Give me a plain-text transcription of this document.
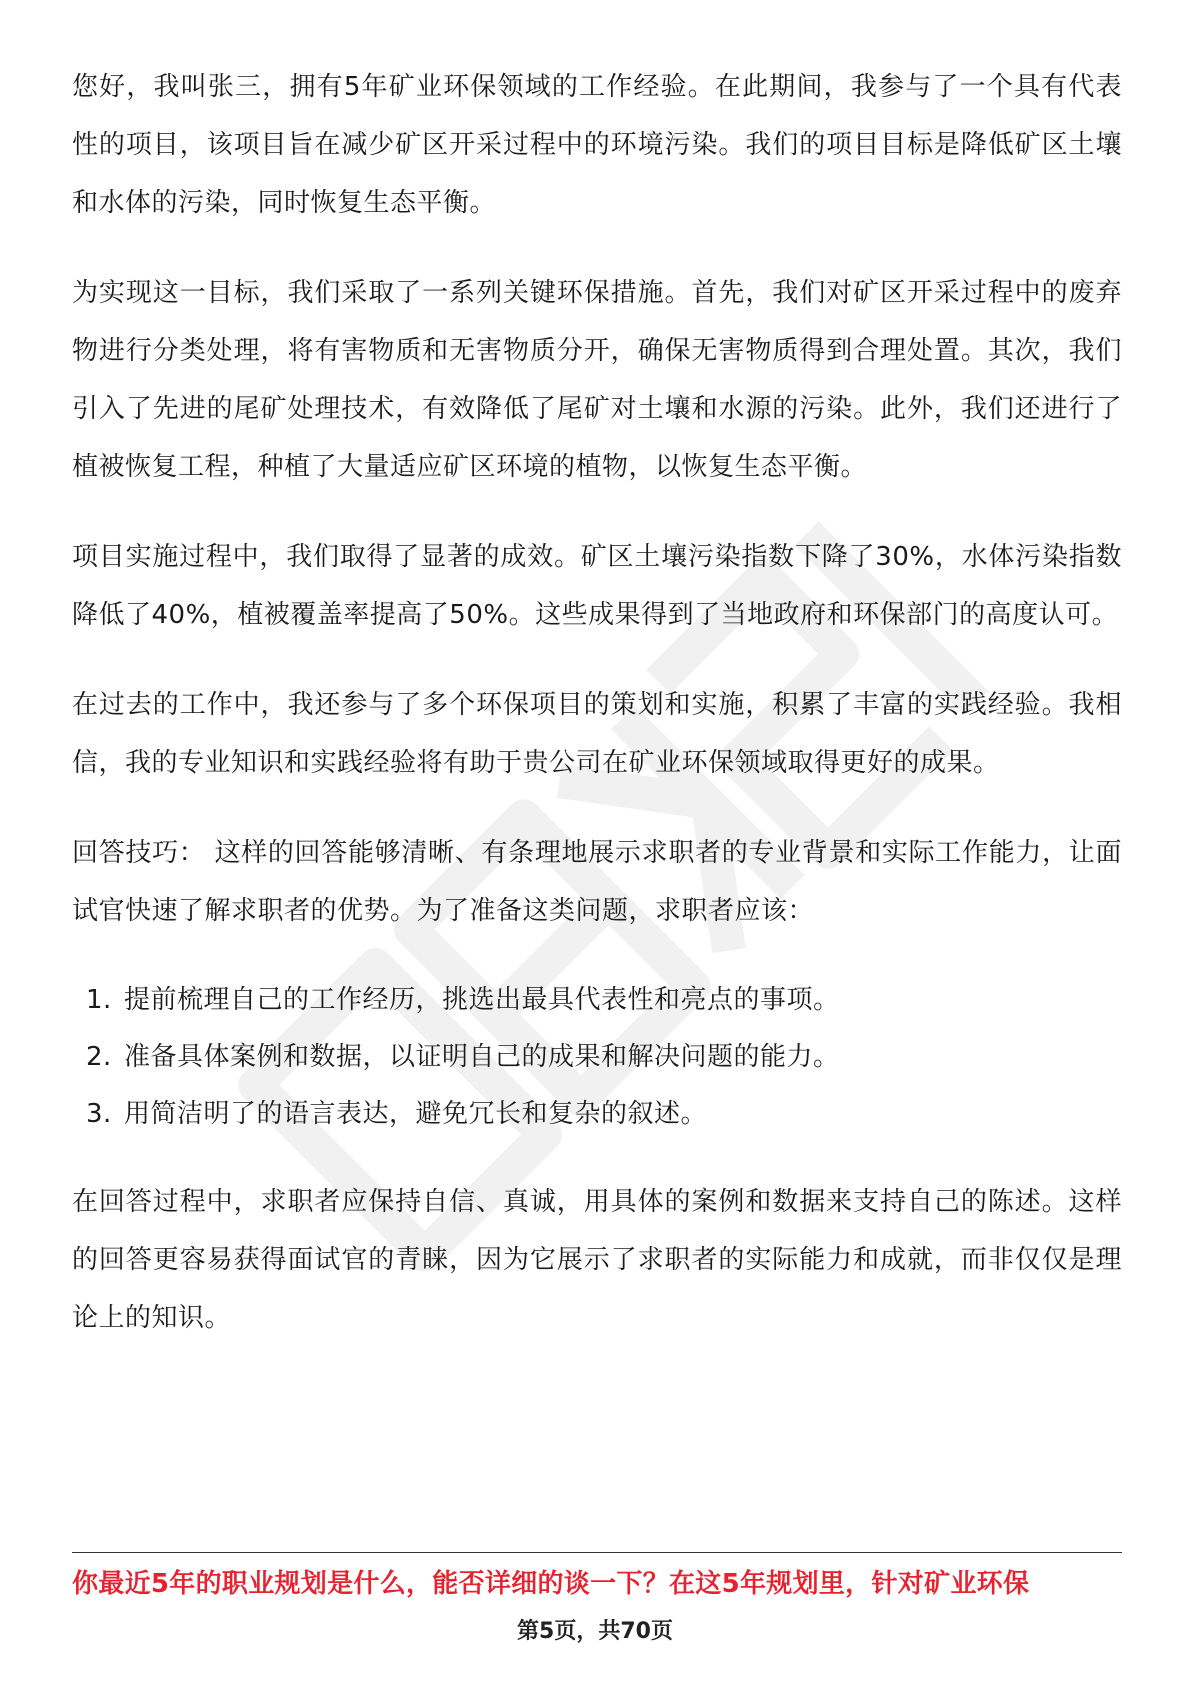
您好，我叫张三，拥有5年矿业环保领域的工作经验。在此期间，我参与了一个具有代表性的项目，该项目旨在减少矿区开采过程中的环境污染。我们的项目目标是降低矿区土壤和水体的污染，同时恢复生态平衡。

为实现这一目标，我们采取了一系列关键环保措施。首先，我们对矿区开采过程中的废弃物进行分类处理，将有害物质和无害物质分开，确保无害物质得到合理处置。其次，我们引入了先进的尾矿处理技术，有效降低了尾矿对土壤和水源的污染。此外，我们还进行了植被恢复工程，种植了大量适应矿区环境的植物，以恢复生态平衡。

项目实施过程中，我们取得了显著的成效。矿区土壤污染指数下降了30%，水体污染指数降低了40%，植被覆盖率提高了50%。这些成果得到了当地政府和环保部门的高度认可。

在过去的工作中，我还参与了多个环保项目的策划和实施，积累了丰富的实践经验。我相信，我的专业知识和实践经验将有助于贵公司在矿业环保领域取得更好的成果。

回答技巧： 这样的回答能够清晰、有条理地展示求职者的专业背景和实际工作能力，让面试官快速了解求职者的优势。为了准备这类问题，求职者应该：

1. 提前梳理自己的工作经历，挑选出最具代表性和亮点的事项。
2. 准备具体案例和数据，以证明自己的成果和解决问题的能力。
3. 用简洁明了的语言表达，避免冗长和复杂的叙述。

在回答过程中，求职者应保持自信、真诚，用具体的案例和数据来支持自己的陈述。这样的回答更容易获得面试官的青睐，因为它展示了求职者的实际能力和成就，而非仅仅是理论上的知识。

你最近5年的职业规划是什么，能否详细的谈一下？在这5年规划里，针对矿业环保
第5页，共70页
